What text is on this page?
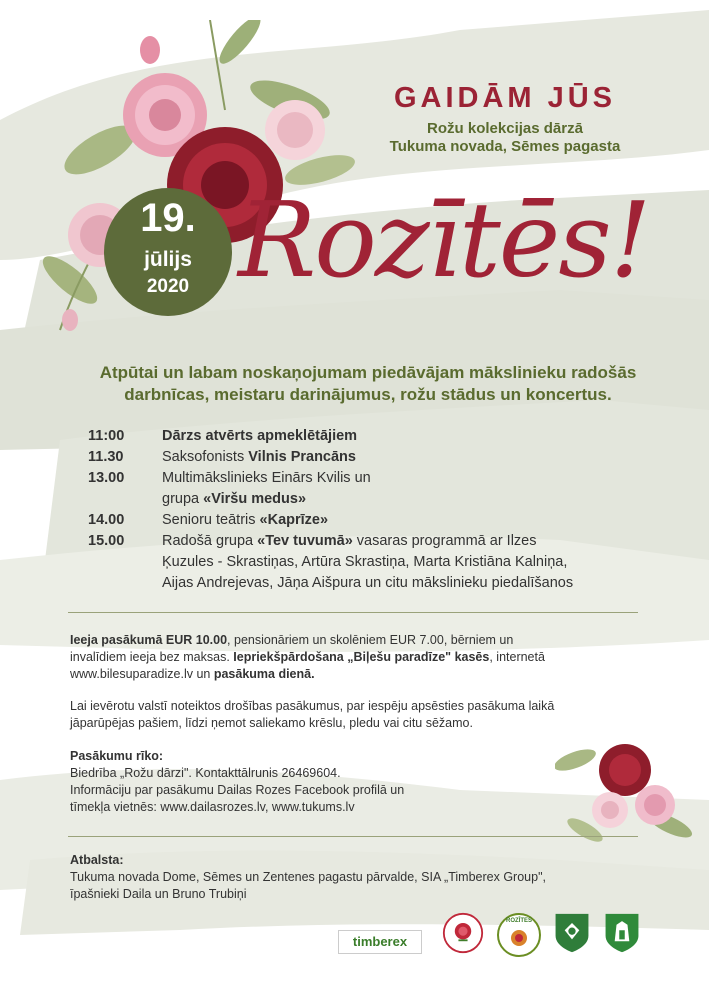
GAIDĀM JŪS
Rožu kolekcijas dārzā
Tukuma novada, Sēmes pagasta
19.
jūlijs
2020 Rozītēs!
Atpūtai un labam noskaņojumam piedāvājam mākslinieku radošās darbnīcas, meistaru darinājumus, rožu stādus un koncertus.
11:00	Dārzs atvērts apmeklētājiem
11.30	Saksofonists Vilnis Prancāns
13.00	Multimākslinieks Einārs Kvilis un
grupa «Viršu medus»
14.00	Senioru teātris «Kaprīze»
15.00	Radošā grupa «Tev tuvumā» vasaras programmā ar Ilzes
Ķuzules - Skrastiņas, Artūra Skrastiņa, Marta Kristiāna Kalniņa,
Aijas Andrejevas, Jāņa Aišpura un citu mākslinieku piedalīšanos
Ieeja pasākumā EUR 10.00, pensionāriem un skolēniem EUR 7.00, bērniem un
invalīdiem ieeja bez maksas. Iepriekšpārdošana „Biļešu paradīze" kasēs, internetā
www.bilesuparadize.lv un pasākuma dienā.
Lai ievērotu valstī noteiktos drošības pasākumus, par iespēju apsēsties pasākuma laikā
jāparūpējas pašiem, līdzi ņemot saliekamo krēslu, pledu vai citu sēžamo.
Pasākumu rīko:
Biedrība „Rožu dārzi". Kontakttālrunis 26469604.
Informāciju par pasākumu Dailas Rozes Facebook profilā un
tīmekļa vietnēs: www.dailasrozes.lv, www.tukums.lv
Atbalsta:
Tukuma novada Dome, Sēmes un Zentenes pagastu pārvalde, SIA „Timberex Group",
īpašnieki Daila un Bruno Trubiņi
timberex
ROZĪTES
